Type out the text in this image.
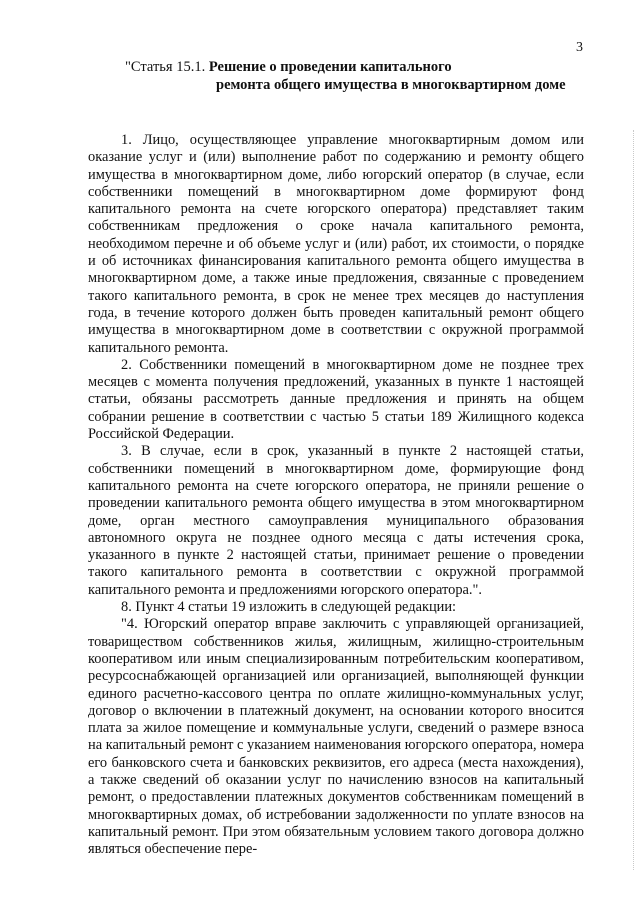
3
"Статья 15.1. Решение о проведении капитального
ремонта общего имущества в многоквартирном доме

1. Лицо, осуществляющее управление многоквартирным домом или оказание услуг и (или) выполнение работ по содержанию и ремонту общего имущества в многоквартирном доме, либо югорский оператор (в случае, если собственники помещений в многоквартирном доме формируют фонд капитального ремонта на счете югорского оператора) представляет таким собственникам предложения о сроке начала капитального ремонта, необходимом перечне и об объеме услуг и (или) работ, их стоимости, о порядке и об источниках финансирования капитального ремонта общего имущества в многоквартирном доме, а также иные предложения, связанные с проведением такого капитального ремонта, в срок не менее трех месяцев до наступления года, в течение которого должен быть проведен капитальный ремонт общего имущества в многоквартирном доме в соответствии с окружной программой капитального ремонта.

2. Собственники помещений в многоквартирном доме не позднее трех месяцев с момента получения предложений, указанных в пункте 1 настоящей статьи, обязаны рассмотреть данные предложения и принять на общем собрании решение в соответствии с частью 5 статьи 189 Жилищного кодекса Российской Федерации.

3. В случае, если в срок, указанный в пункте 2 настоящей статьи, собственники помещений в многоквартирном доме, формирующие фонд капитального ремонта на счете югорского оператора, не приняли решение о проведении капитального ремонта общего имущества в этом многоквартирном доме, орган местного самоуправления муниципального образования автономного округа не позднее одного месяца с даты истечения срока, указанного в пункте 2 настоящей статьи, принимает решение о проведении такого капитального ремонта в соответствии с окружной программой капитального ремонта и предложениями югорского оператора.".

8. Пункт 4 статьи 19 изложить в следующей редакции:

"4. Югорский оператор вправе заключить с управляющей организацией, товариществом собственников жилья, жилищным, жилищно-строительным кооперативом или иным специализированным потребительским кооперативом, ресурсоснабжающей организацией или организацией, выполняющей функции единого расчетно-кассового центра по оплате жилищно-коммунальных услуг, договор о включении в платежный документ, на основании которого вносится плата за жилое помещение и коммунальные услуги, сведений о размере взноса на капитальный ремонт с указанием наименования югорского оператора, номера его банковского счета и банковских реквизитов, его адреса (места нахождения), а также сведений об оказании услуг по начислению взносов на капитальный ремонт, о предоставлении платежных документов собственникам помещений в многоквартирных домах, об истребовании задолженности по уплате взносов на капитальный ремонт. При этом обязательным условием такого договора должно являться обеспечение пере-
